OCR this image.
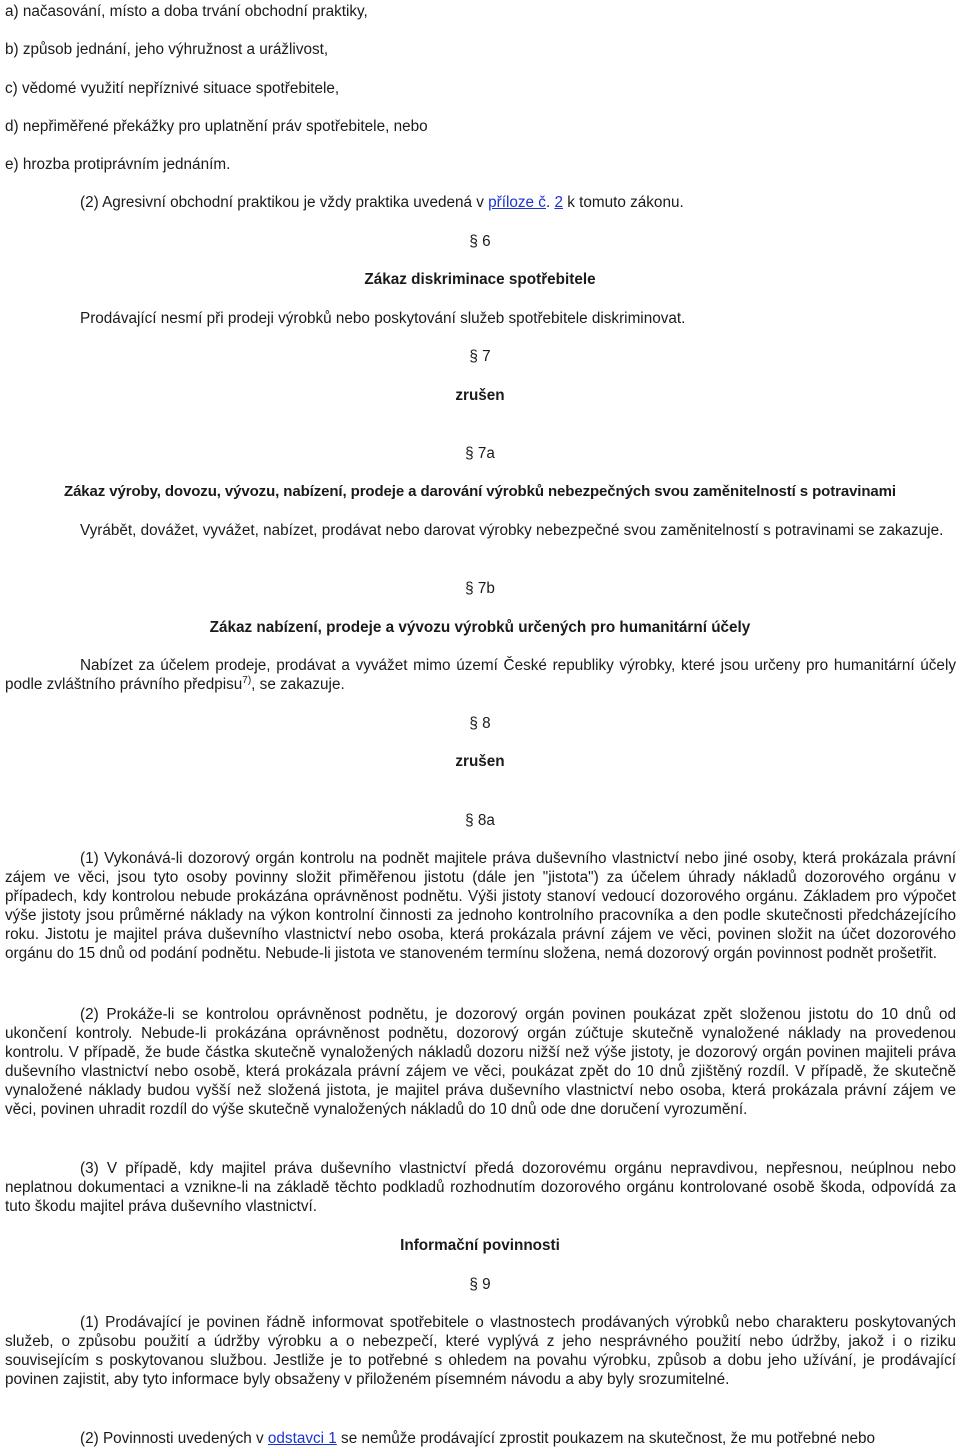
a) načasování, místo a doba trvání obchodní praktiky,
b) způsob jednání, jeho výhružnost a urážlivost,
c) vědomé využití nepříznivé situace spotřebitele,
d) nepřiměřené překážky pro uplatnění práv spotřebitele, nebo
e) hrozba protiprávním jednáním.
(2) Agresivní obchodní praktikou je vždy praktika uvedená v příloze č. 2 k tomuto zákonu.
§ 6
Zákaz diskriminace spotřebitele
Prodávající nesmí při prodeji výrobků nebo poskytování služeb spotřebitele diskriminovat.
§ 7
zrušen
§ 7a
Zákaz výroby, dovozu, vývozu, nabízení, prodeje a darování výrobků nebezpečných svou zaměnitelností s potravinami
Vyrábět, dovážet, vyvážet, nabízet, prodávat nebo darovat výrobky nebezpečné svou zaměnitelností s potravinami se zakazuje.
§ 7b
Zákaz nabízení, prodeje a vývozu výrobků určených pro humanitární účely
Nabízet za účelem prodeje, prodávat a vyvážet mimo území České republiky výrobky, které jsou určeny pro humanitární účely podle zvláštního právního předpisu$^{7)}$, se zakazuje.
§ 8
zrušen
§ 8a
(1) Vykonává-li dozorový orgán kontrolu na podnět majitele práva duševního vlastnictví nebo jiné osoby, která prokázala právní zájem ve věci, jsou tyto osoby povinny složit přiměřenou jistotu (dále jen "jistota") za účelem úhrady nákladů dozorového orgánu v případech, kdy kontrolou nebude prokázána oprávněnost podnětu. Výši jistoty stanoví vedoucí dozorového orgánu. Základem pro výpočet výše jistoty jsou průměrné náklady na výkon kontrolní činnosti za jednoho kontrolního pracovníka a den podle skutečnosti předcházejícího roku. Jistotu je majitel práva duševního vlastnictví nebo osoba, která prokázala právní zájem ve věci, povinen složit na účet dozorového orgánu do 15 dnů od podání podnětu. Nebude-li jistota ve stanoveném termínu složena, nemá dozorový orgán povinnost podnět prošetřit.
(2) Prokáže-li se kontrolou oprávněnost podnětu, je dozorový orgán povinen poukázat zpět složenou jistotu do 10 dnů od ukončení kontroly. Nebude-li prokázána oprávněnost podnětu, dozorový orgán zúčtuje skutečně vynaložené náklady na provedenou kontrolu. V případě, že bude částka skutečně vynaložených nákladů dozoru nižší než výše jistoty, je dozorový orgán povinen majiteli práva duševního vlastnictví nebo osobě, která prokázala právní zájem ve věci, poukázat zpět do 10 dnů zjištěný rozdíl. V případě, že skutečně vynaložené náklady budou vyšší než složená jistota, je majitel práva duševního vlastnictví nebo osoba, která prokázala právní zájem ve věci, povinen uhradit rozdíl do výše skutečně vynaložených nákladů do 10 dnů ode dne doručení vyrozumění.
(3) V případě, kdy majitel práva duševního vlastnictví předá dozorovému orgánu nepravdivou, nepřesnou, neúplnou nebo neplatnou dokumentaci a vznikne-li na základě těchto podkladů rozhodnutím dozorového orgánu kontrolované osobě škoda, odpovídá za tuto škodu majitel práva duševního vlastnictví.
Informační povinnosti
§ 9
(1) Prodávající je povinen řádně informovat spotřebitele o vlastnostech prodávaných výrobků nebo charakteru poskytovaných služeb, o způsobu použití a údržby výrobku a o nebezpečí, které vyplývá z jeho nesprávného použití nebo údržby, jakož i o riziku souvisejícím s poskytovanou službou. Jestliže je to potřebné s ohledem na povahu výrobku, způsob a dobu jeho užívání, je prodávající povinen zajistit, aby tyto informace byly obsaženy v přiloženém písemném návodu a aby byly srozumitelné.
(2) Povinnosti uvedených v odstavci 1 se nemůže prodávající zprostit poukazem na skutečnost, že mu potřebné nebo
